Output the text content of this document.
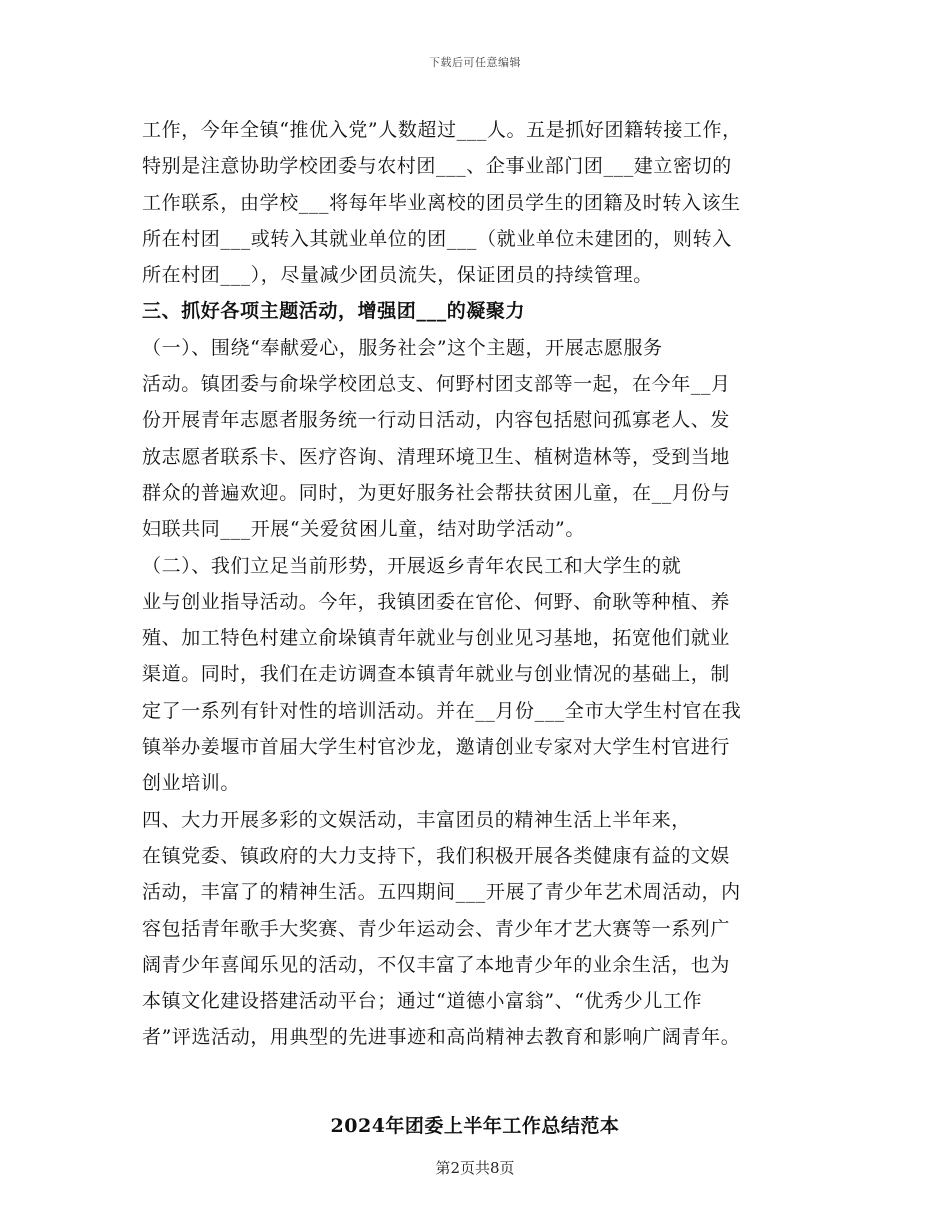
下载后可任意编辑

工作，今年全镇“推优入党”人数超过___人。五是抓好团籍转接工作，
特别是注意协助学校团委与农村团___、企事业部门团___建立密切的
工作联系，由学校___将每年毕业离校的团员学生的团籍及时转入该生
所在村团___或转入其就业单位的团___（就业单位未建团的，则转入
所在村团___），尽量减少团员流失，保证团员的持续管理。

三、抓好各项主题活动，增强团___的凝聚力

（一）、围绕“奉献爱心，服务社会”这个主题，开展志愿服务
活动。镇团委与俞垛学校团总支、何野村团支部等一起，在今年__月
份开展青年志愿者服务统一行动日活动，内容包括慰问孤寡老人、发
放志愿者联系卡、医疗咨询、清理环境卫生、植树造林等，受到当地
群众的普遍欢迎。同时，为更好服务社会帮扶贫困儿童，在__月份与
妇联共同___开展“关爱贫困儿童，结对助学活动”。

（二）、我们立足当前形势，开展返乡青年农民工和大学生的就
业与创业指导活动。今年，我镇团委在官伦、何野、俞耿等种植、养
殖、加工特色村建立俞垛镇青年就业与创业见习基地，拓宽他们就业
渠道。同时，我们在走访调查本镇青年就业与创业情况的基础上，制
定了一系列有针对性的培训活动。并在__月份___全市大学生村官在我
镇举办姜堰市首届大学生村官沙龙，邀请创业专家对大学生村官进行
创业培训。

四、大力开展多彩的文娱活动，丰富团员的精神生活上半年来，
在镇党委、镇政府的大力支持下，我们积极开展各类健康有益的文娱
活动，丰富了的精神生活。五四期间___开展了青少年艺术周活动，内
容包括青年歌手大奖赛、青少年运动会、青少年才艺大赛等一系列广
阔青少年喜闻乐见的活动，不仅丰富了本地青少年的业余生活，也为
本镇文化建设搭建活动平台；通过“道德小富翁”、“优秀少儿工作
者”评选活动，用典型的先进事迹和高尚精神去教育和影响广阔青年。

2024年团委上半年工作总结范本
第2页共8页
